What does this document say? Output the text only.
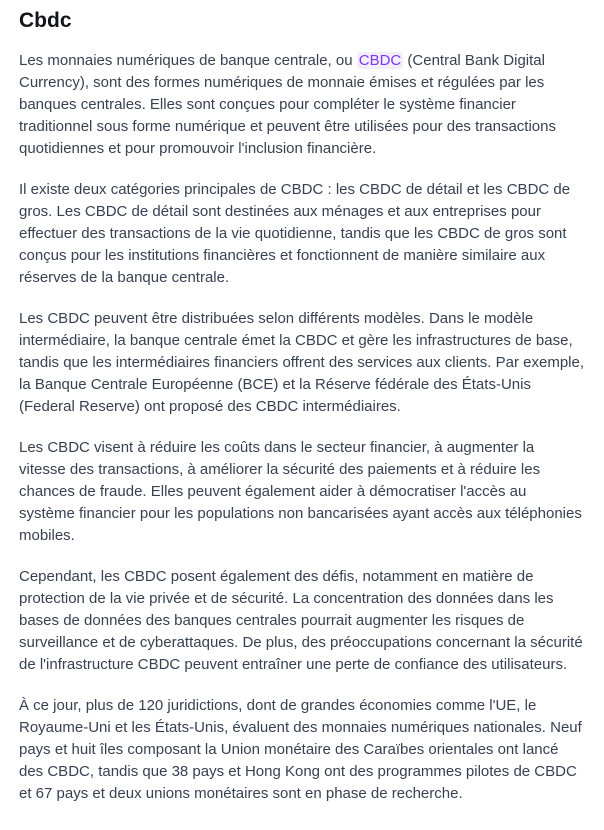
Cbdc

Les monnaies numériques de banque centrale, ou CBDC (Central Bank Digital Currency), sont des formes numériques de monnaie émises et régulées par les banques centrales. Elles sont conçues pour compléter le système financier traditionnel sous forme numérique et peuvent être utilisées pour des transactions quotidiennes et pour promouvoir l'inclusion financière.

Il existe deux catégories principales de CBDC : les CBDC de détail et les CBDC de gros. Les CBDC de détail sont destinées aux ménages et aux entreprises pour effectuer des transactions de la vie quotidienne, tandis que les CBDC de gros sont conçus pour les institutions financières et fonctionnent de manière similaire aux réserves de la banque centrale.

Les CBDC peuvent être distribuées selon différents modèles. Dans le modèle intermédiaire, la banque centrale émet la CBDC et gère les infrastructures de base, tandis que les intermédiaires financiers offrent des services aux clients. Par exemple, la Banque Centrale Européenne (BCE) et la Réserve fédérale des États-Unis (Federal Reserve) ont proposé des CBDC intermédiaires.

Les CBDC visent à réduire les coûts dans le secteur financier, à augmenter la vitesse des transactions, à améliorer la sécurité des paiements et à réduire les chances de fraude. Elles peuvent également aider à démocratiser l'accès au système financier pour les populations non bancarisées ayant accès aux téléphonies mobiles.

Cependant, les CBDC posent également des défis, notamment en matière de protection de la vie privée et de sécurité. La concentration des données dans les bases de données des banques centrales pourrait augmenter les risques de surveillance et de cyberattaques. De plus, des préoccupations concernant la sécurité de l'infrastructure CBDC peuvent entraîner une perte de confiance des utilisateurs.

À ce jour, plus de 120 juridictions, dont de grandes économies comme l'UE, le Royaume-Uni et les États-Unis, évaluent des monnaies numériques nationales. Neuf pays et huit îles composant la Union monétaire des Caraïbes orientales ont lancé des CBDC, tandis que 38 pays et Hong Kong ont des programmes pilotes de CBDC et 67 pays et deux unions monétaires sont en phase de recherche.
